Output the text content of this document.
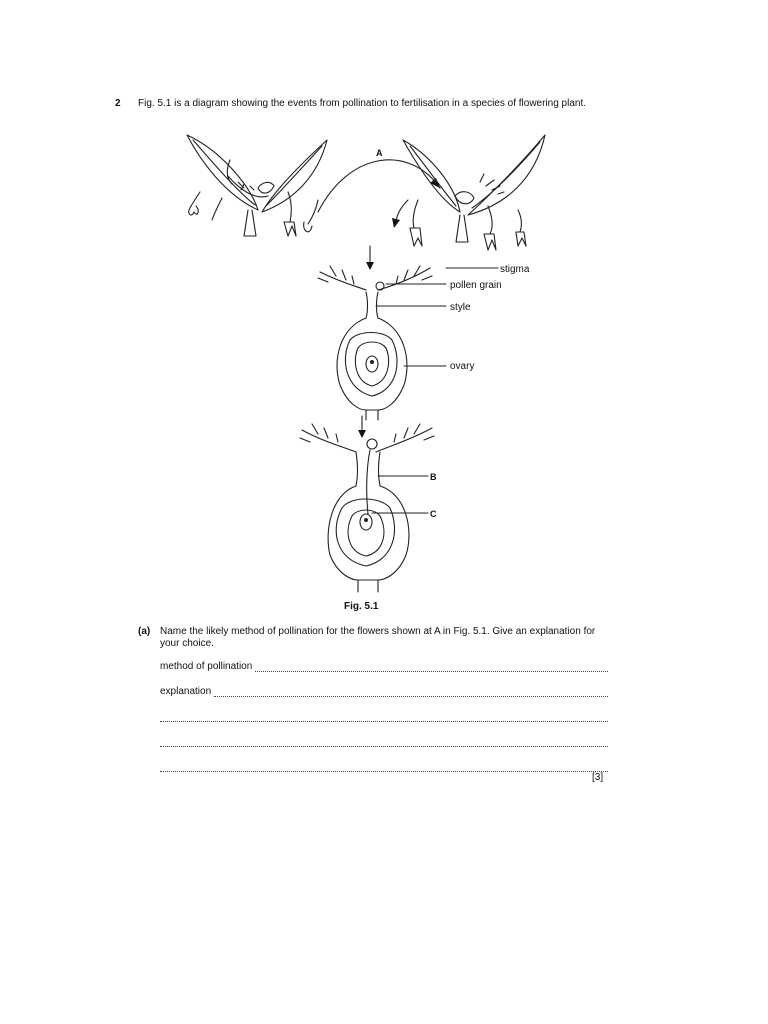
2 Fig. 5.1 is a diagram showing the events from pollination to fertilisation in a species of flowering plant.
A
stigma
pollen grain
style
ovary
B
C
Fig. 5.1
(a) Name the likely method of pollination for the flowers shown at A in Fig. 5.1. Give an explanation for your choice.
method of pollination
explanation
[3]
